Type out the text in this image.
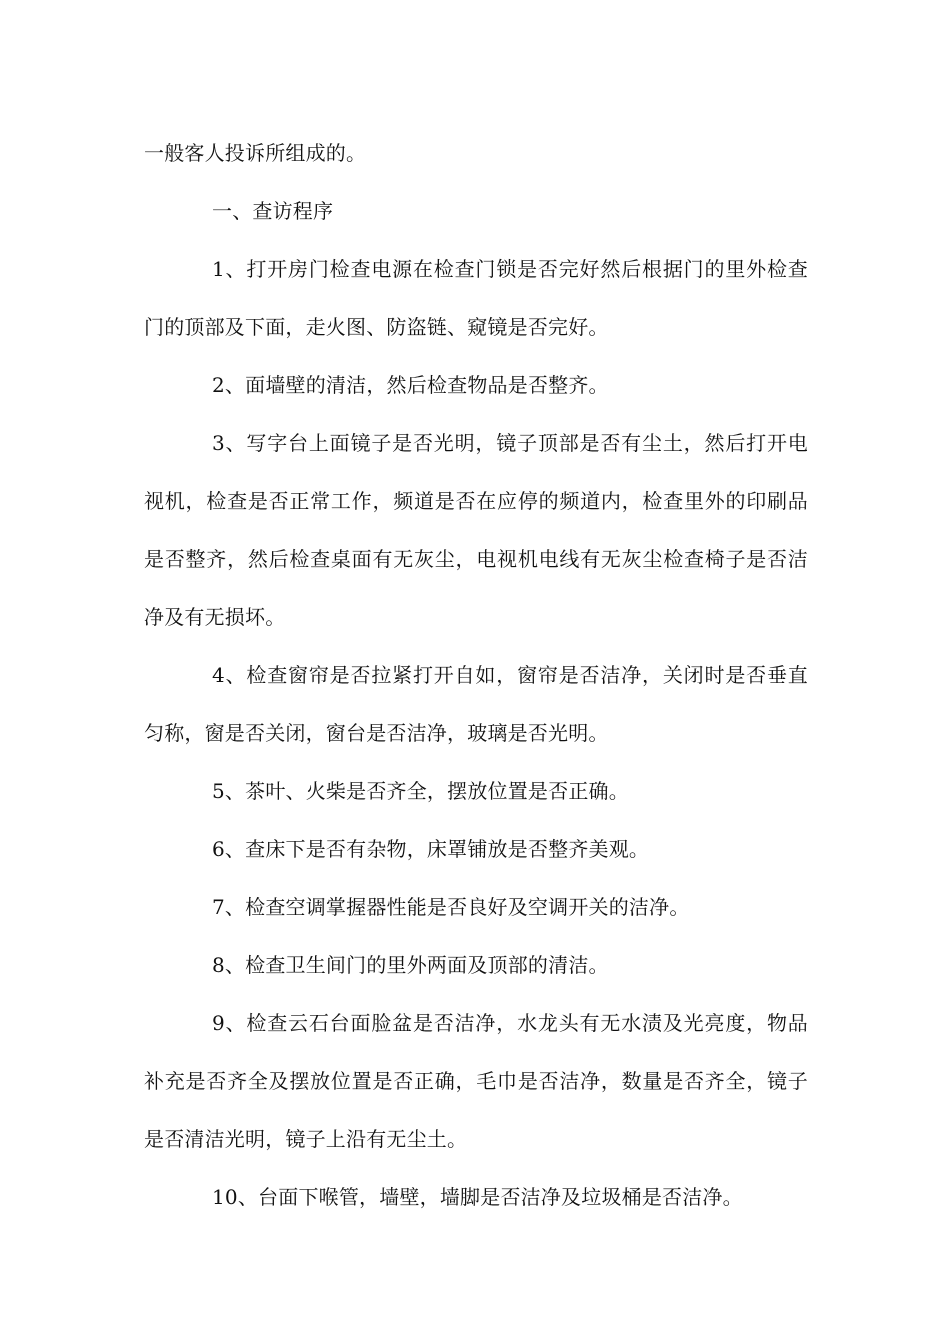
一般客人投诉所组成的。

一、查访程序

1、打开房门检查电源在检查门锁是否完好然后根据门的里外检查门的顶部及下面，走火图、防盗链、窥镜是否完好。

2、面墙壁的清洁，然后检查物品是否整齐。

3、写字台上面镜子是否光明，镜子顶部是否有尘土，然后打开电视机，检查是否正常工作，频道是否在应停的频道内，检查里外的印刷品是否整齐，然后检查桌面有无灰尘，电视机电线有无灰尘检查椅子是否洁净及有无损坏。

4、检查窗帘是否拉紧打开自如，窗帘是否洁净，关闭时是否垂直匀称，窗是否关闭，窗台是否洁净，玻璃是否光明。

5、茶叶、火柴是否齐全，摆放位置是否正确。

6、查床下是否有杂物，床罩铺放是否整齐美观。

7、检查空调掌握器性能是否良好及空调开关的洁净。

8、检查卫生间门的里外两面及顶部的清洁。

9、检查云石台面脸盆是否洁净，水龙头有无水渍及光亮度，物品补充是否齐全及摆放位置是否正确，毛巾是否洁净，数量是否齐全，镜子是否清洁光明，镜子上沿有无尘土。

10、台面下喉管，墙壁，墙脚是否洁净及垃圾桶是否洁净。
